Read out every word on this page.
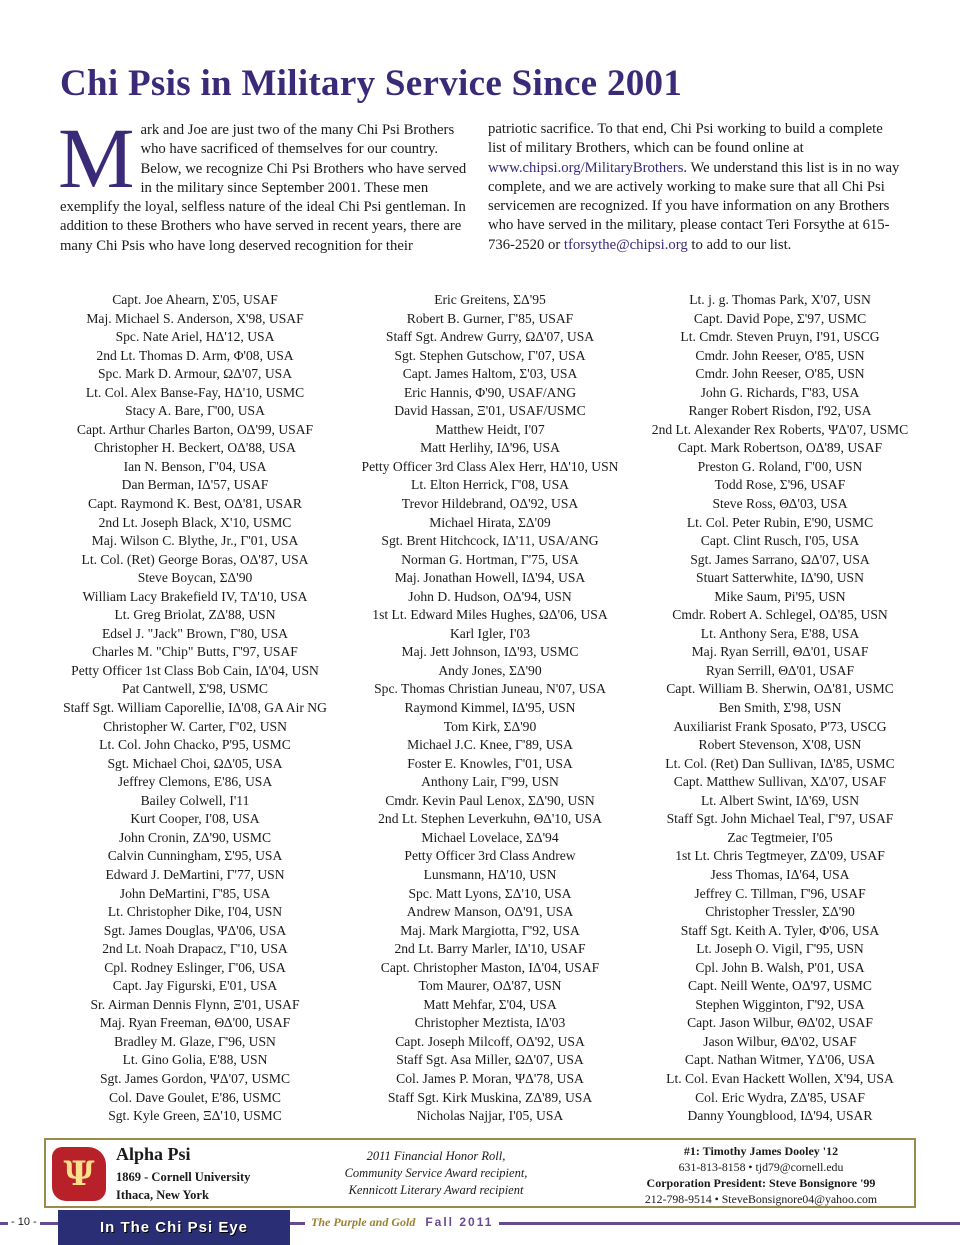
Chi Psis in Military Service Since 2001

Mark and Joe are just two of the many Chi Psi Brothers who have sacrificed of themselves for our country. Below, we recognize Chi Psi Brothers who have served in the military since September 2001. These men exemplify the loyal, selfless nature of the ideal Chi Psi gentleman. In addition to these Brothers who have served in recent years, there are many Chi Psis who have long deserved recognition for their

patriotic sacrifice. To that end, Chi Psi working to build a complete list of military Brothers, which can be found online at www.chipsi.org/MilitaryBrothers. We understand this list is in no way complete, and we are actively working to make sure that all Chi Psi servicemen are recognized. If you have information on any Brothers who have served in the military, please contact Teri Forsythe at 615-736-2520 or tforsythe@chipsi.org to add to our list.

Capt. Joe Ahearn, Σ'05, USAF
Maj. Michael S. Anderson, X'98, USAF
Spc. Nate Ariel, HΔ'12, USA
2nd Lt. Thomas D. Arm, Φ'08, USA
Spc. Mark D. Armour, ΩΔ'07, USA
Lt. Col. Alex Banse-Fay, HΔ'10, USMC
Stacy A. Bare, Γ'00, USA
Capt. Arthur Charles Barton, OΔ'99, USAF
Christopher H. Beckert, OΔ'88, USA
Ian N. Benson, Γ'04, USA
Dan Berman, IΔ'57, USAF
Capt. Raymond K. Best, OΔ'81, USAR
2nd Lt. Joseph Black, X'10, USMC
Maj. Wilson C. Blythe, Jr., Γ'01, USA
Lt. Col. (Ret) George Boras, OΔ'87, USA
Steve Boycan, ΣΔ'90
William Lacy Brakefield IV, TΔ'10, USA
Lt. Greg Briolat, ZΔ'88, USN
Edsel J. "Jack" Brown, Γ'80, USA
Charles M. "Chip" Butts, Γ'97, USAF
Petty Officer 1st Class Bob Cain, IΔ'04, USN
Pat Cantwell, Σ'98, USMC
Staff Sgt. William Caporellie, IΔ'08, GA Air NG
Christopher W. Carter, Γ'02, USN
Lt. Col. John Chacko, P'95, USMC
Sgt. Michael Choi, ΩΔ'05, USA
Jeffrey Clemons, E'86, USA
Bailey Colwell, I'11
Kurt Cooper, I'08, USA
John Cronin, ZΔ'90, USMC
Calvin Cunningham, Σ'95, USA
Edward J. DeMartini, Γ'77, USN
John DeMartini, Γ'85, USA
Lt. Christopher Dike, I'04, USN
Sgt. James Douglas, ΨΔ'06, USA
2nd Lt. Noah Drapacz, Γ'10, USA
Cpl. Rodney Eslinger, Γ'06, USA
Capt. Jay Figurski, E'01, USA
Sr. Airman Dennis Flynn, Ξ'01, USAF
Maj. Ryan Freeman, ΘΔ'00, USAF
Bradley M. Glaze, Γ'96, USN
Lt. Gino Golia, E'88, USN
Sgt. James Gordon, ΨΔ'07, USMC
Col. Dave Goulet, E'86, USMC
Sgt. Kyle Green, ΞΔ'10, USMC
Eric Greitens, ΣΔ'95
Robert B. Gurner, Γ'85, USAF
Staff Sgt. Andrew Gurry, ΩΔ'07, USA
Sgt. Stephen Gutschow, Γ'07, USA
Capt. James Haltom, Σ'03, USA
Eric Hannis, Φ'90, USAF/ANG
David Hassan, Ξ'01, USAF/USMC
Matthew Heidt, I'07
Matt Herlihy, IΔ'96, USA
Petty Officer 3rd Class Alex Herr, HΔ'10, USN
Lt. Elton Herrick, Γ'08, USA
Trevor Hildebrand, OΔ'92, USA
Michael Hirata, ΣΔ'09
Sgt. Brent Hitchcock, IΔ'11, USA/ANG
Norman G. Hortman, Γ'75, USA
Maj. Jonathan Howell, IΔ'94, USA
John D. Hudson, OΔ'94, USN
1st Lt. Edward Miles Hughes, ΩΔ'06, USA
Karl Igler, I'03
Maj. Jett Johnson, IΔ'93, USMC
Andy Jones, ΣΔ'90
Spc. Thomas Christian Juneau, N'07, USA
Raymond Kimmel, IΔ'95, USN
Tom Kirk, ΣΔ'90
Michael J.C. Knee, Γ'89, USA
Foster E. Knowles, Γ'01, USA
Anthony Lair, Γ'99, USN
Cmdr. Kevin Paul Lenox, ΣΔ'90, USN
2nd Lt. Stephen Leverkuhn, ΘΔ'10, USA
Michael Lovelace, ΣΔ'94
Petty Officer 3rd Class Andrew
Lunsmann, HΔ'10, USN
Spc. Matt Lyons, ΣΔ'10, USA
Andrew Manson, OΔ'91, USA
Maj. Mark Margiotta, Γ'92, USA
2nd Lt. Barry Marler, IΔ'10, USAF
Capt. Christopher Maston, IΔ'04, USAF
Tom Maurer, OΔ'87, USN
Matt Mehfar, Σ'04, USA
Christopher Meztista, IΔ'03
Capt. Joseph Milcoff, OΔ'92, USA
Staff Sgt. Asa Miller, ΩΔ'07, USA
Col. James P. Moran, ΨΔ'78, USA
Staff Sgt. Kirk Muskina, ZΔ'89, USA
Nicholas Najjar, I'05, USA
Lt. j. g. Thomas Park, X'07, USN
Capt. David Pope, Σ'97, USMC
Lt. Cmdr. Steven Pruyn, I'91, USCG
Cmdr. John Reeser, O'85, USN
Cmdr. John Reeser, O'85, USN
John G. Richards, Γ'83, USA
Ranger Robert Risdon, I'92, USA
2nd Lt. Alexander Rex Roberts, ΨΔ'07, USMC
Capt. Mark Robertson, OΔ'89, USAF
Preston G. Roland, Γ'00, USN
Todd Rose, Σ'96, USAF
Steve Ross, ΘΔ'03, USA
Lt. Col. Peter Rubin, E'90, USMC
Capt. Clint Rusch, I'05, USA
Sgt. James Sarrano, ΩΔ'07, USA
Stuart Satterwhite, IΔ'90, USN
Mike Saum, Pi'95, USN
Cmdr. Robert A. Schlegel, OΔ'85, USN
Lt. Anthony Sera, E'88, USA
Maj. Ryan Serrill, ΘΔ'01, USAF
Ryan Serrill, ΘΔ'01, USAF
Capt. William B. Sherwin, OΔ'81, USMC
Ben Smith, Σ'98, USN
Auxiliarist Frank Sposato, P'73, USCG
Robert Stevenson, X'08, USN
Lt. Col. (Ret) Dan Sullivan, IΔ'85, USMC
Capt. Matthew Sullivan, XΔ'07, USAF
Lt. Albert Swint, IΔ'69, USN
Staff Sgt. John Michael Teal, Γ'97, USAF
Zac Tegtmeier, I'05
1st Lt. Chris Tegtmeyer, ZΔ'09, USAF
Jess Thomas, IΔ'64, USA
Jeffrey C. Tillman, Γ'96, USAF
Christopher Tressler, ΣΔ'90
Staff Sgt. Keith A. Tyler, Φ'06, USA
Lt. Joseph O. Vigil, Γ'95, USN
Cpl. John B. Walsh, P'01, USA
Capt. Neill Wente, OΔ'97, USMC
Stephen Wigginton, Γ'92, USA
Capt. Jason Wilbur, ΘΔ'02, USAF
Jason Wilbur, ΘΔ'02, USAF
Capt. Nathan Witmer, YΔ'06, USA
Lt. Col. Evan Hackett Wollen, X'94, USA
Col. Eric Wydra, ZΔ'85, USAF
Danny Youngblood, IΔ'94, USAR
Ψ	Alpha Psi

1869 - Cornell University

Ithaca, New York

2011 Financial Honor Roll,
Community Service Award recipient,
Kennicott Literary Award recipient
#1: Timothy James Dooley '12
631-813-8158 • tjd79@cornell.edu
Corporation President: Steve Bonsignore '99
212-798-9514 • SteveBonsignore04@yahoo.com
- 10 -	In The Chi Psi Eye	The Purple and Gold Fall 2011
